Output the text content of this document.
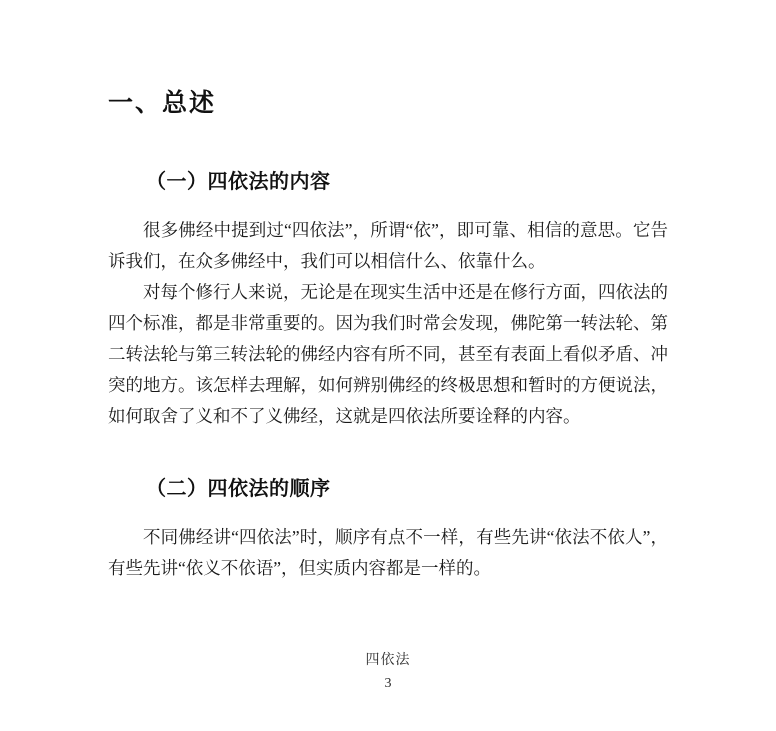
一、总述
（一）四依法的内容

很多佛经中提到过“四依法”，所谓“依”，即可靠、相信的意思。它告诉我们，在众多佛经中，我们可以相信什么、依靠什么。

对每个修行人来说，无论是在现实生活中还是在修行方面，四依法的四个标准，都是非常重要的。因为我们时常会发现，佛陀第一转法轮、第二转法轮与第三转法轮的佛经内容有所不同，甚至有表面上看似矛盾、冲突的地方。该怎样去理解，如何辨别佛经的终极思想和暂时的方便说法，如何取舍了义和不了义佛经，这就是四依法所要诠释的内容。

（二）四依法的顺序

不同佛经讲“四依法”时，顺序有点不一样，有些先讲“依法不依人”，有些先讲“依义不依语”，但实质内容都是一样的。

四依法
3
